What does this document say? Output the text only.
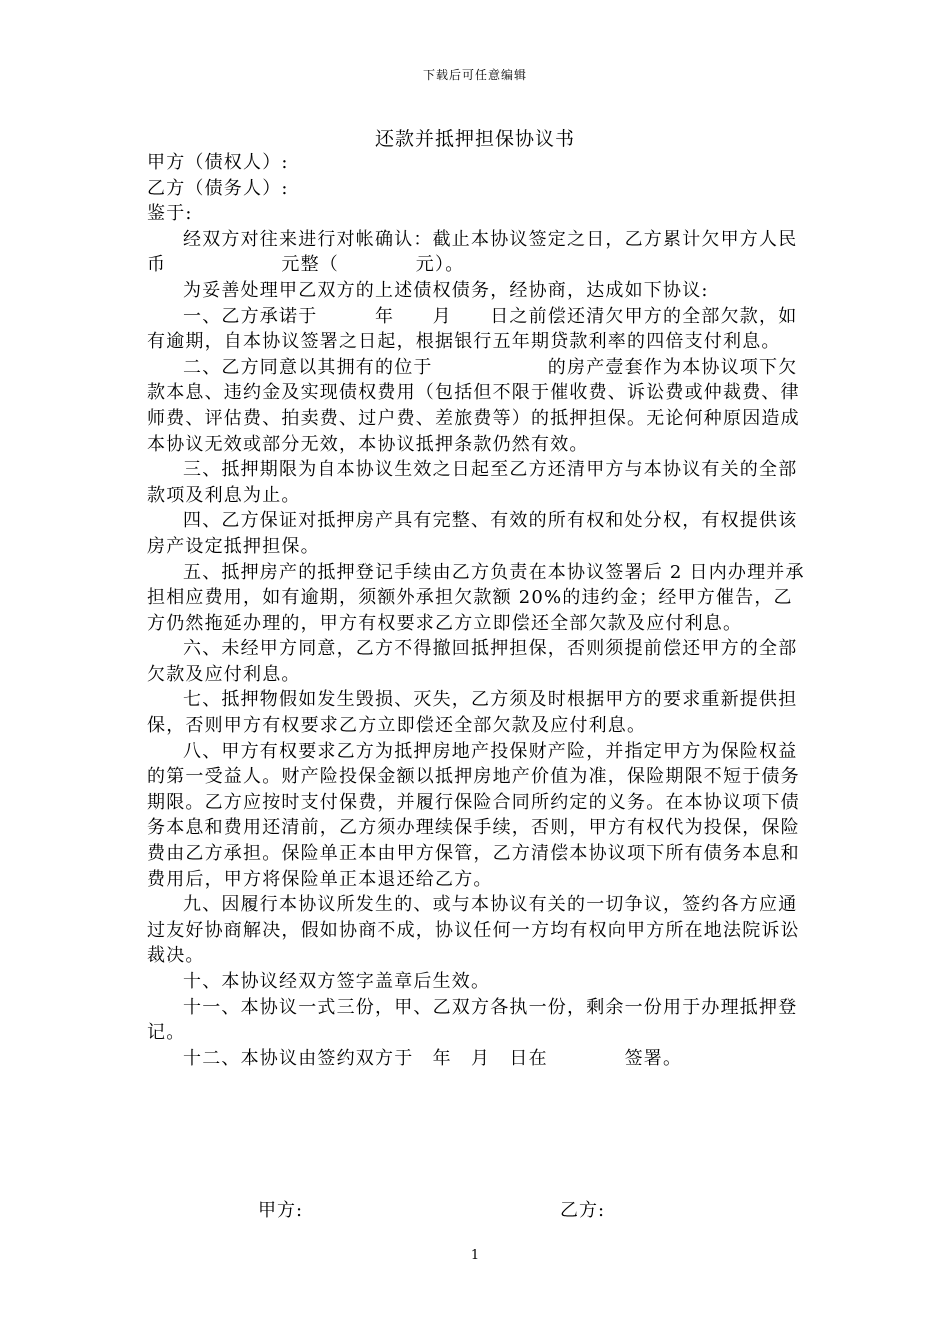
下载后可任意编辑
还款并抵押担保协议书

甲方（债权人）:

乙方（债务人）:

鉴于:

经双方对往来进行对帐确认：截止本协议签定之日，乙方累计欠甲方人民币　　　　　　元整（　　　　元）。

为妥善处理甲乙双方的上述债权债务，经协商，达成如下协议:

一、乙方承诺于　　　年　　月　　日之前偿还清欠甲方的全部欠款，如有逾期，自本协议签署之日起，根据银行五年期贷款利率的四倍支付利息。

二、乙方同意以其拥有的位于　　　　　　的房产壹套作为本协议项下欠款本息、违约金及实现债权费用（包括但不限于催收费、诉讼费或仲裁费、律师费、评估费、拍卖费、过户费、差旅费等）的抵押担保。无论何种原因造成本协议无效或部分无效，本协议抵押条款仍然有效。

三、抵押期限为自本协议生效之日起至乙方还清甲方与本协议有关的全部款项及利息为止。

四、乙方保证对抵押房产具有完整、有效的所有权和处分权，有权提供该房产设定抵押担保。

五、抵押房产的抵押登记手续由乙方负责在本协议签署后 2 日内办理并承担相应费用，如有逾期，须额外承担欠款额 20%的违约金；经甲方催告，乙方仍然拖延办理的，甲方有权要求乙方立即偿还全部欠款及应付利息。

六、未经甲方同意，乙方不得撤回抵押担保，否则须提前偿还甲方的全部欠款及应付利息。

七、抵押物假如发生毁损、灭失，乙方须及时根据甲方的要求重新提供担保，否则甲方有权要求乙方立即偿还全部欠款及应付利息。

八、甲方有权要求乙方为抵押房地产投保财产险，并指定甲方为保险权益的第一受益人。财产险投保金额以抵押房地产价值为准，保险期限不短于债务期限。乙方应按时支付保费，并履行保险合同所约定的义务。在本协议项下债务本息和费用还清前，乙方须办理续保手续，否则，甲方有权代为投保，保险费由乙方承担。保险单正本由甲方保管，乙方清偿本协议项下所有债务本息和费用后，甲方将保险单正本退还给乙方。

九、因履行本协议所发生的、或与本协议有关的一切争议，签约各方应通过友好协商解决，假如协商不成，协议任何一方均有权向甲方所在地法院诉讼裁决。

十、本协议经双方签字盖章后生效。

十一、本协议一式三份，甲、乙双方各执一份，剩余一份用于办理抵押登记。

十二、本协议由签约双方于　年　月　日在　　　　签署。

甲方:	乙方:
1
